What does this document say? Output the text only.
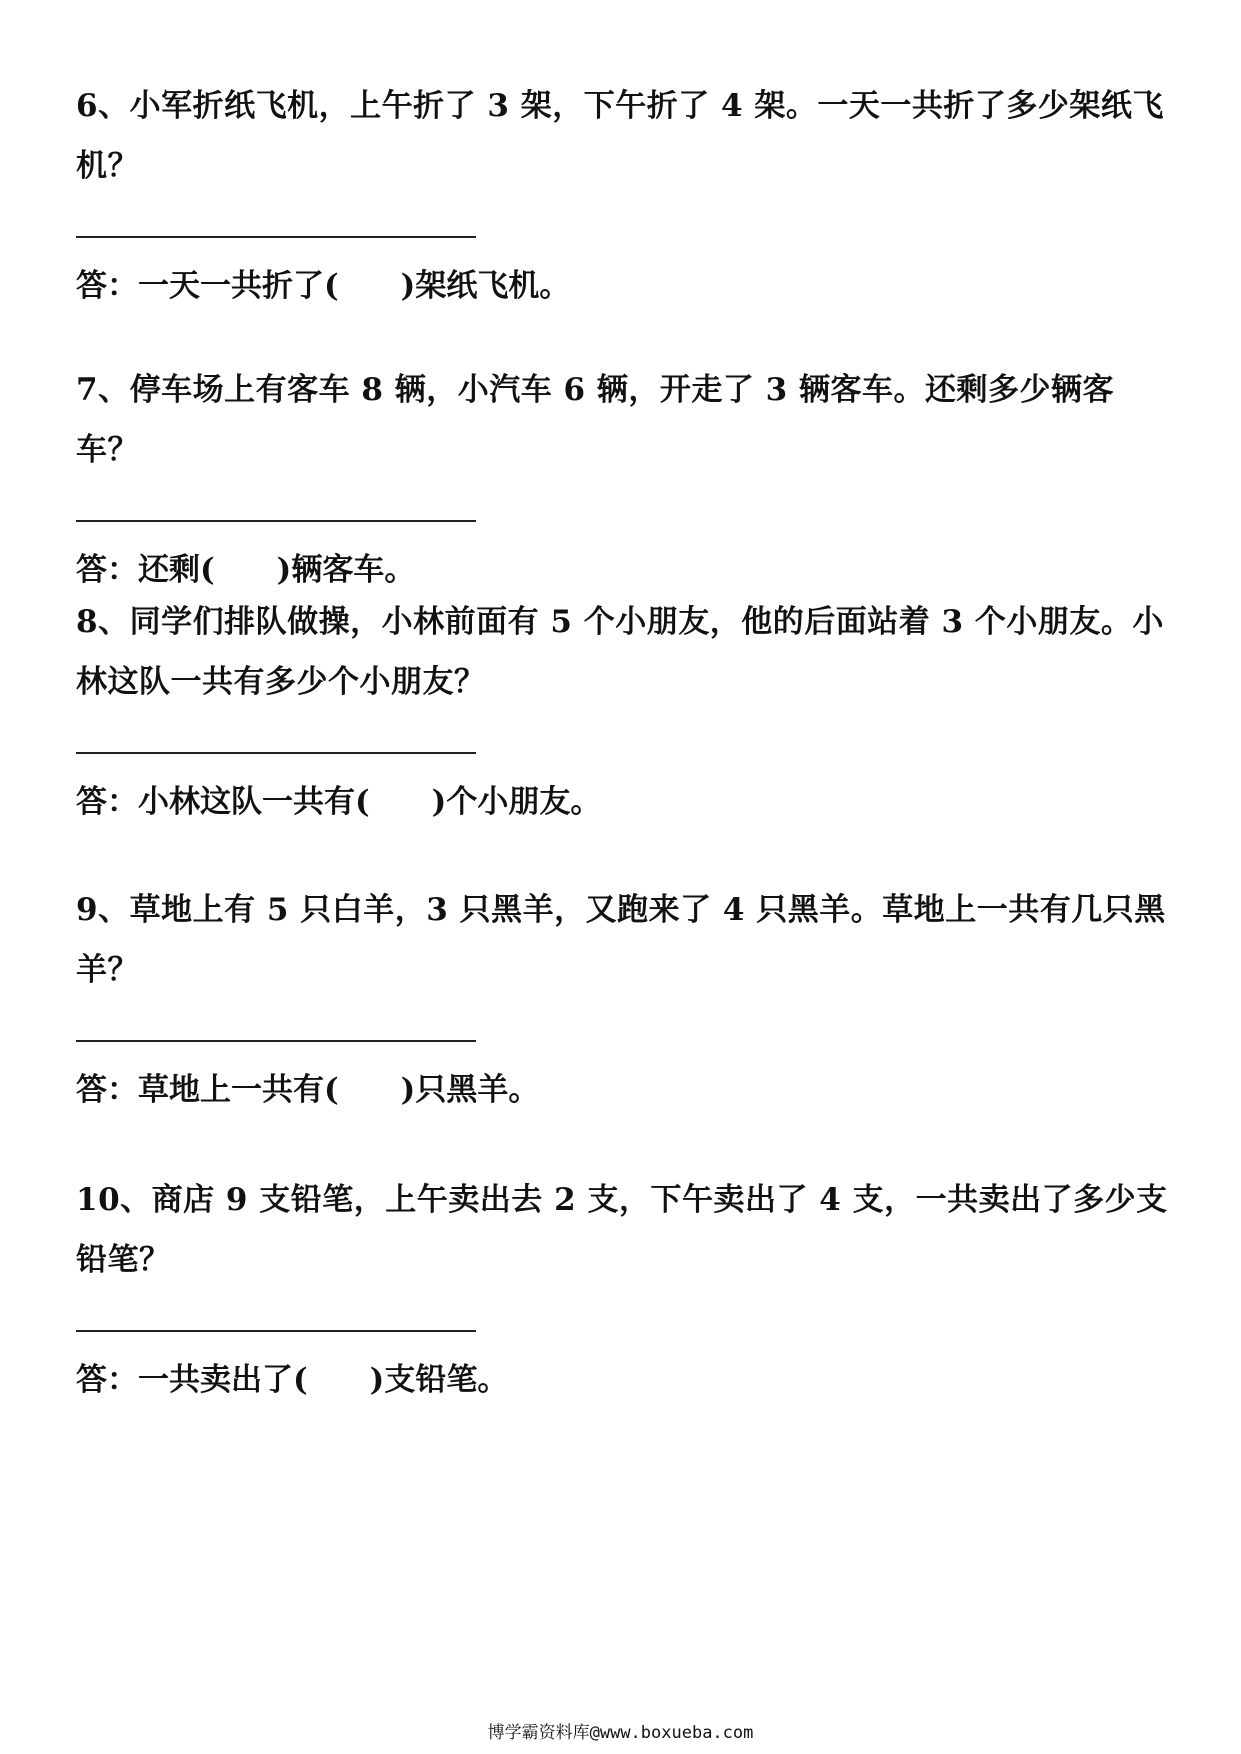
6、小军折纸飞机，上午折了 3 架，下午折了 4 架。一天一共折了多少架纸飞机？

答：一天一共折了(　　)架纸飞机。

7、停车场上有客车 8 辆，小汽车 6 辆，开走了 3 辆客车。还剩多少辆客车？

答：还剩(　　)辆客车。

8、同学们排队做操，小林前面有 5 个小朋友，他的后面站着 3 个小朋友。小林这队一共有多少个小朋友？

答：小林这队一共有(　　)个小朋友。

9、草地上有 5 只白羊，3 只黑羊，又跑来了 4 只黑羊。草地上一共有几只黑羊？

答：草地上一共有(　　)只黑羊。

10、商店 9 支铅笔，上午卖出去 2 支，下午卖出了 4 支，一共卖出了多少支铅笔？

答：一共卖出了(　　)支铅笔。
博学霸资料库@www.boxueba.com
